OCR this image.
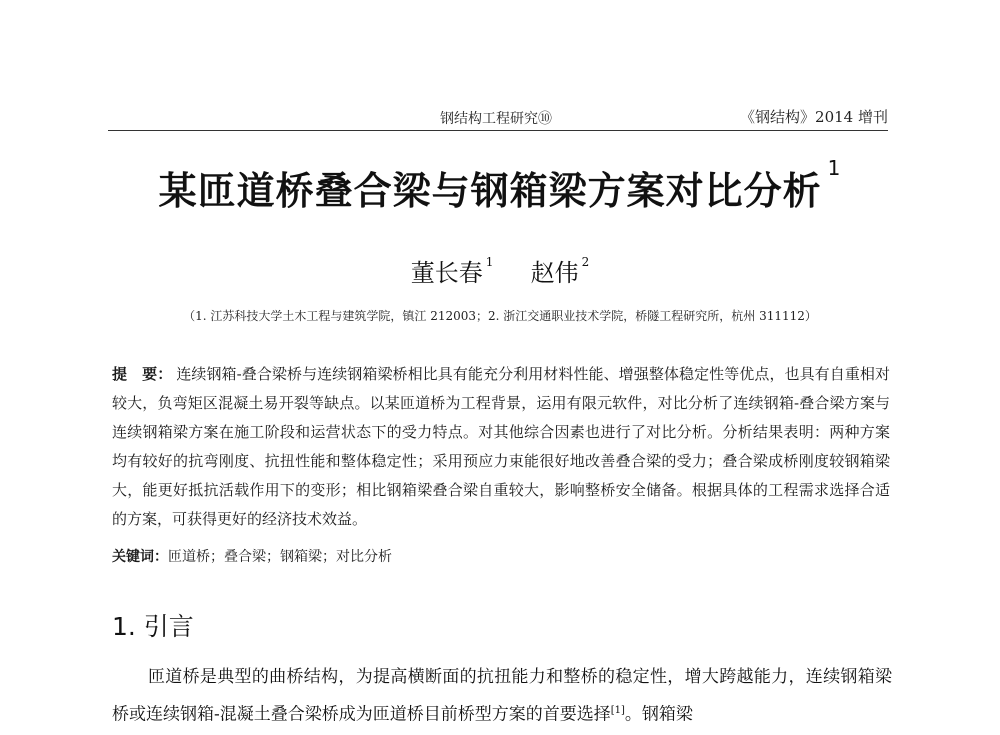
钢结构工程研究⑩	《钢结构》2014 增刊
某匝道桥叠合梁与钢箱梁方案对比分析$^1$
董长春 $^1$ 赵伟 $^2$
（1. 江苏科技大学土木工程与建筑学院，镇江 212003；2. 浙江交通职业技术学院，桥隧工程研究所，杭州 311112）
提　要： 连续钢箱-叠合梁桥与连续钢箱梁桥相比具有能充分利用材料性能、增强整体稳定性等优点，也具有自重相对较大，负弯矩区混凝土易开裂等缺点。以某匝道桥为工程背景，运用有限元软件，对比分析了连续钢箱-叠合梁方案与连续钢箱梁方案在施工阶段和运营状态下的受力特点。对其他综合因素也进行了对比分析。分析结果表明：两种方案均有较好的抗弯刚度、抗扭性能和整体稳定性；采用预应力束能很好地改善叠合梁的受力；叠合梁成桥刚度较钢箱梁大，能更好抵抗活载作用下的变形；相比钢箱梁叠合梁自重较大，影响整桥安全储备。根据具体的工程需求选择合适的方案，可获得更好的经济技术效益。
关键词：匝道桥；叠合梁；钢箱梁；对比分析
1. 引言
匝道桥是典型的曲桥结构，为提高横断面的抗扭能力和整桥的稳定性，增大跨越能力，连续钢箱梁桥或连续钢箱-混凝土叠合梁桥成为匝道桥目前桥型方案的首要选择[1]。钢箱梁
